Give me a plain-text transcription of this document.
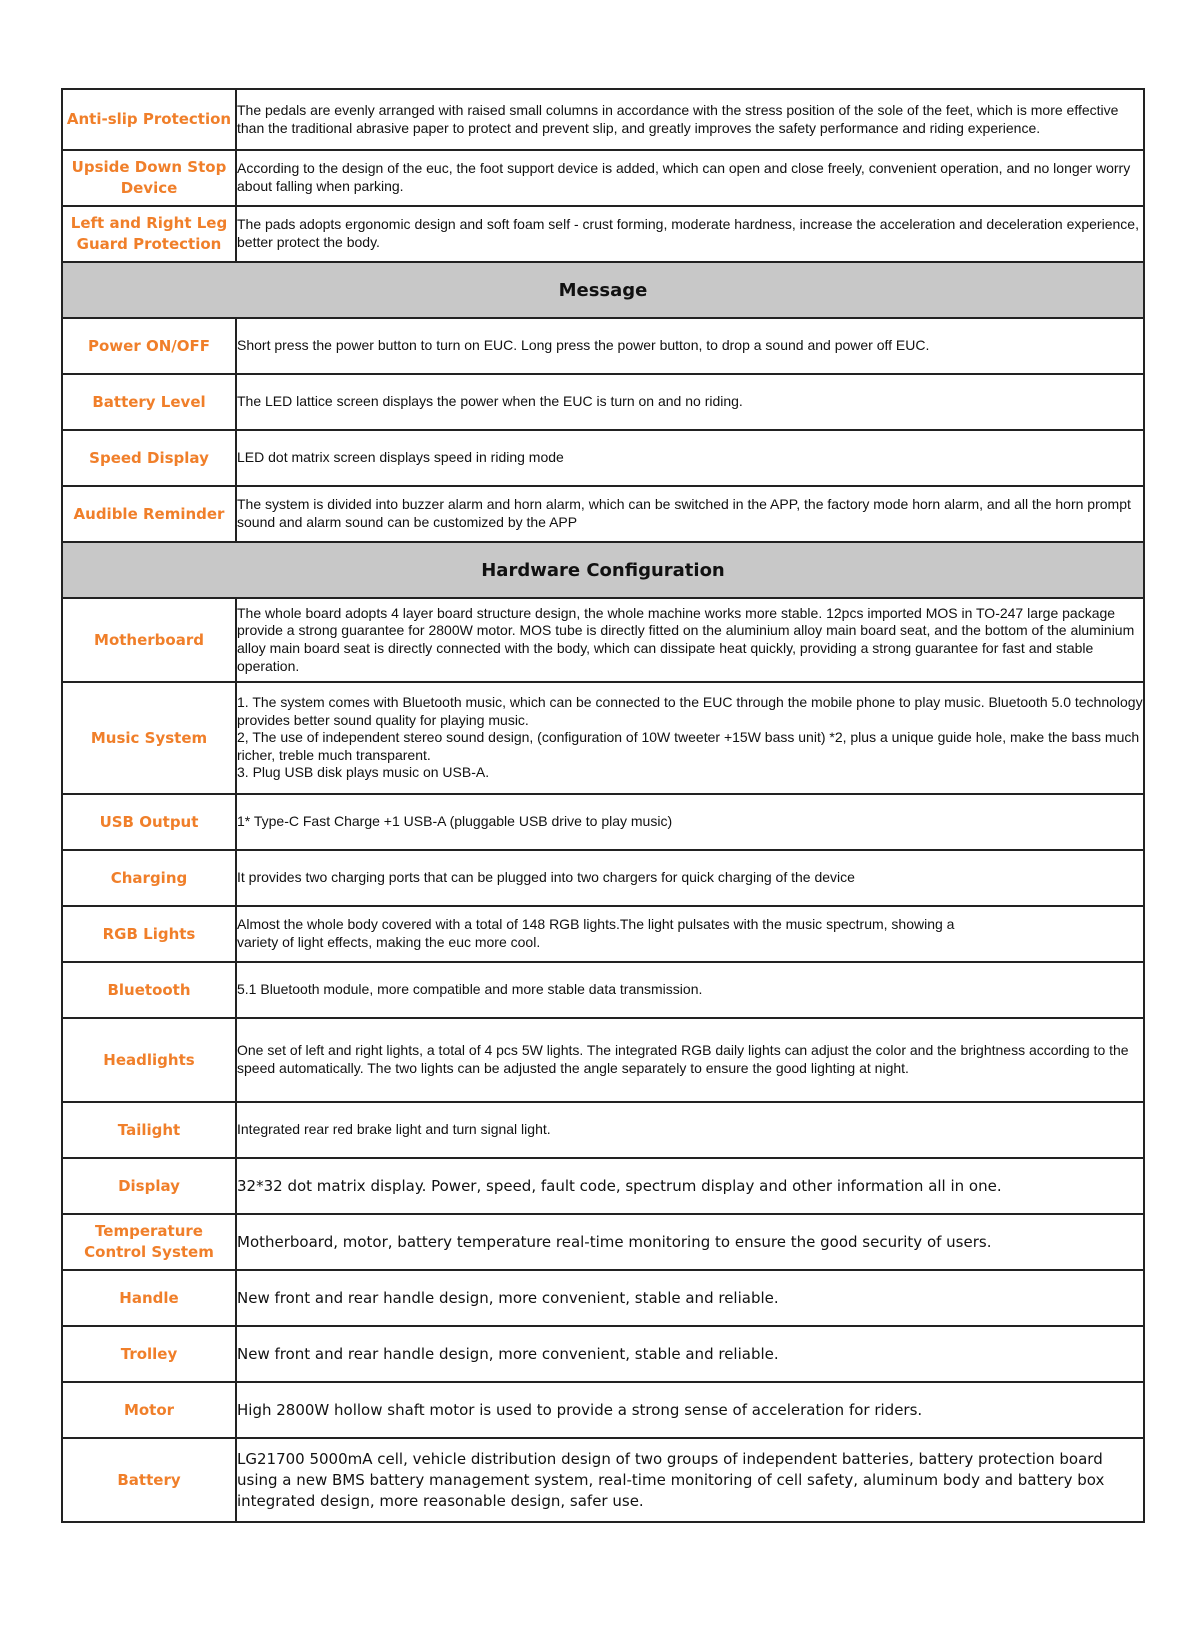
Anti-slip Protection	The pedals are evenly arranged with raised small columns in accordance with the stress position of the sole of the feet, which is more effective than the traditional abrasive paper to protect and prevent slip, and greatly improves the safety performance and riding experience.
Upside Down Stop Device	According to the design of the euc, the foot support device is added, which can open and close freely, convenient operation, and no longer worry about falling when parking.
Left and Right Leg Guard Protection	The pads adopts ergonomic design and soft foam self - crust forming, moderate hardness, increase the acceleration and deceleration experience, better protect the body.
Message	
Power ON/OFF	Short press the power button to turn on EUC. Long press the power button, to drop a sound and power off EUC.
Battery Level	The LED lattice screen displays the power when the EUC is turn on and no riding.
Speed Display	LED dot matrix screen displays speed in riding mode
Audible Reminder	The system is divided into buzzer alarm and horn alarm, which can be switched in the APP, the factory mode horn alarm, and all the horn prompt sound and alarm sound can be customized by the APP
Hardware Configuration	
Motherboard	The whole board adopts 4 layer board structure design, the whole machine works more stable. 12pcs imported MOS in TO-247 large package provide a strong guarantee for 2800W motor. MOS tube is directly fitted on the aluminium alloy main board seat, and the bottom of the aluminium alloy main board seat is directly connected with the body, which can dissipate heat quickly, providing a strong guarantee for fast and stable operation.
Music System	1. The system comes with Bluetooth music, which can be connected to the EUC through the mobile phone to play music. Bluetooth 5.0 technology provides better sound quality for playing music.
2, The use of independent stereo sound design, (configuration of 10W tweeter +15W bass unit) *2, plus a unique guide hole, make the bass much richer, treble much transparent.
3. Plug USB disk plays music on USB-A.
USB Output	1* Type-C Fast Charge +1 USB-A (pluggable USB drive to play music)
Charging	It provides two charging ports that can be plugged into two chargers for quick charging of the device
RGB Lights	Almost the whole body covered with a total of 148 RGB lights.The light pulsates with the music spectrum, showing a
variety of light effects, making the euc more cool.
Bluetooth	5.1 Bluetooth module, more compatible and more stable data transmission.
Headlights	One set of left and right lights, a total of 4 pcs 5W lights. The integrated RGB daily lights can adjust the color and the brightness according to the speed automatically. The two lights can be adjusted the angle separately to ensure the good lighting at night.
Tailight	Integrated rear red brake light and turn signal light.
Display	32*32 dot matrix display. Power, speed, fault code, spectrum display and other information all in one.
Temperature Control System	Motherboard, motor, battery temperature real-time monitoring to ensure the good security of users.
Handle	New front and rear handle design, more convenient, stable and reliable.
Trolley	New front and rear handle design, more convenient, stable and reliable.
Motor	High 2800W hollow shaft motor is used to provide a strong sense of acceleration for riders.
Battery	LG21700 5000mA cell, vehicle distribution design of two groups of independent batteries, battery protection board using a new BMS battery management system, real-time monitoring of cell safety, aluminum body and battery box integrated design, more reasonable design, safer use.
